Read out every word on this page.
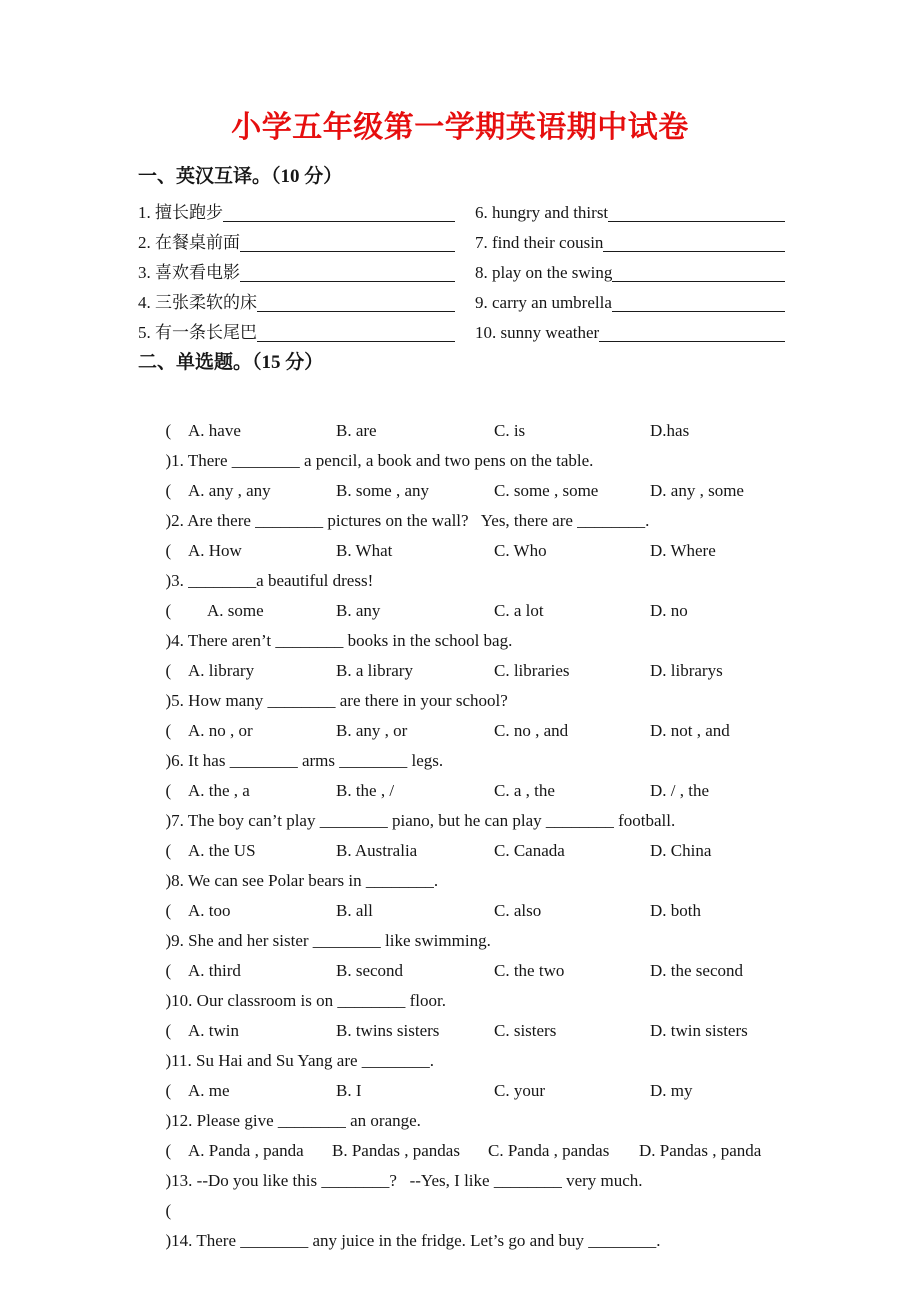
小学五年级第一学期英语期中试卷
一、英汉互译。（10 分）
1. 擅长跑步	6. hungry and thirst
2. 在餐桌前面	7. find their cousin
3. 喜欢看电影	8. play on the swing
4. 三张柔软的床	9. carry an umbrella
5. 有一条长尾巴	10. sunny weather
二、单选题。（15 分）

(
)1. There ________ a pencil, a book and two pens on the table.

A. have	B. are	C. is	D.has

(
)2. Are there ________ pictures on the wall?   Yes, there are ________.

A. any , any	B. some , any	C. some , some	D. any , some

(
)3. ________a beautiful dress!

A. How	B. What	C. Who	D. Where

(
)4. There aren’t ________ books in the school bag.

A. some	B. any	C. a lot	D. no

(
)5. How many ________ are there in your school?

A. library	B. a library	C. libraries	D. librarys

(
)6. It has ________ arms ________ legs.

A. no , or	B. any , or	C. no , and	D. not , and

(
)7. The boy can’t play ________ piano, but he can play ________ football.

A. the , a	B. the , /	C. a , the	D. / , the

(
)8. We can see Polar bears in ________.

A. the US	B. Australia	C. Canada	D. China

(
)9. She and her sister ________ like swimming.

A. too	B. all	C. also	D. both

(
)10. Our classroom is on ________ floor.

A. third	B. second	C. the two	D. the second

(
)11. Su Hai and Su Yang are ________.

A. twin	B. twins sisters	C. sisters	D. twin sisters

(
)12. Please give ________ an orange.

A. me	B. I	C. your	D. my

(
)13. --Do you like this ________?   --Yes, I like ________ very much.

A. Panda , panda	B. Pandas , pandas	C. Panda , pandas	D. Pandas , panda

(
)14. There ________ any juice in the fridge. Let’s go and buy ________.
